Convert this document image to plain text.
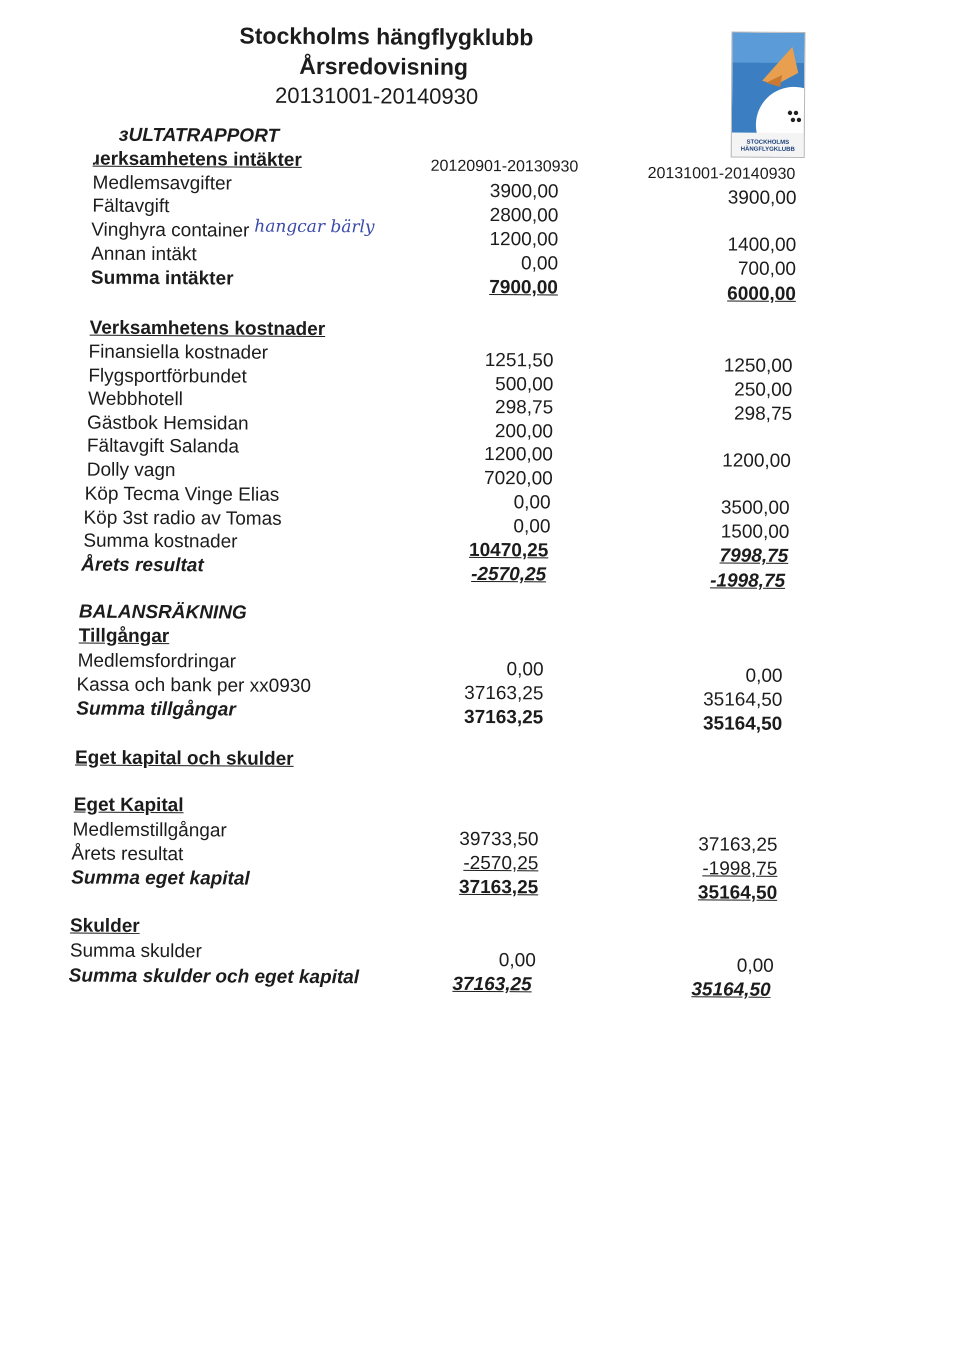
Stockholms hängflygklubb
Årsredovisning
20131001-20140930
STOCKHOLMS
HÄNGFLYGKLUBB
ɜULTATRAPPORT
ɹerksamhetens intäkter	20120901-20130930	20131001-20140930
Medlemsavgifter
Fältavgift
Vinghyra container hangcar bärly
Annan intäkt
Summa intäkter
3900,00
2800,00
1200,00
0,00
7900,00
3900,00
1400,00
700,00
6000,00
Verksamhetens kostnader
Finansiella kostnader
Flygsportförbundet
Webbhotell
Gästbok Hemsidan
Fältavgift Salanda
Dolly vagn
Köp Tecma Vinge Elias
Köp 3st radio av Tomas
Summa kostnader
Årets resultat
1251,50
500,00
298,75
200,00
1200,00
7020,00
0,00
0,00
10470,25
-2570,25
1250,00
250,00
298,75
1200,00
3500,00
1500,00
7998,75
-1998,75
BALANSRÄKNING
Tillgångar
Medlemsfordringar
Kassa och bank per xx0930
Summa tillgångar
0,00
37163,25
37163,25
0,00
35164,50
35164,50
Eget kapital och skulder
Eget Kapital
Medlemstillgångar
Årets resultat
Summa eget kapital
39733,50
-2570,25
37163,25
37163,25
-1998,75
35164,50
Skulder
Summa skulder
Summa skulder och eget kapital
0,00
37163,25
0,00
35164,50
